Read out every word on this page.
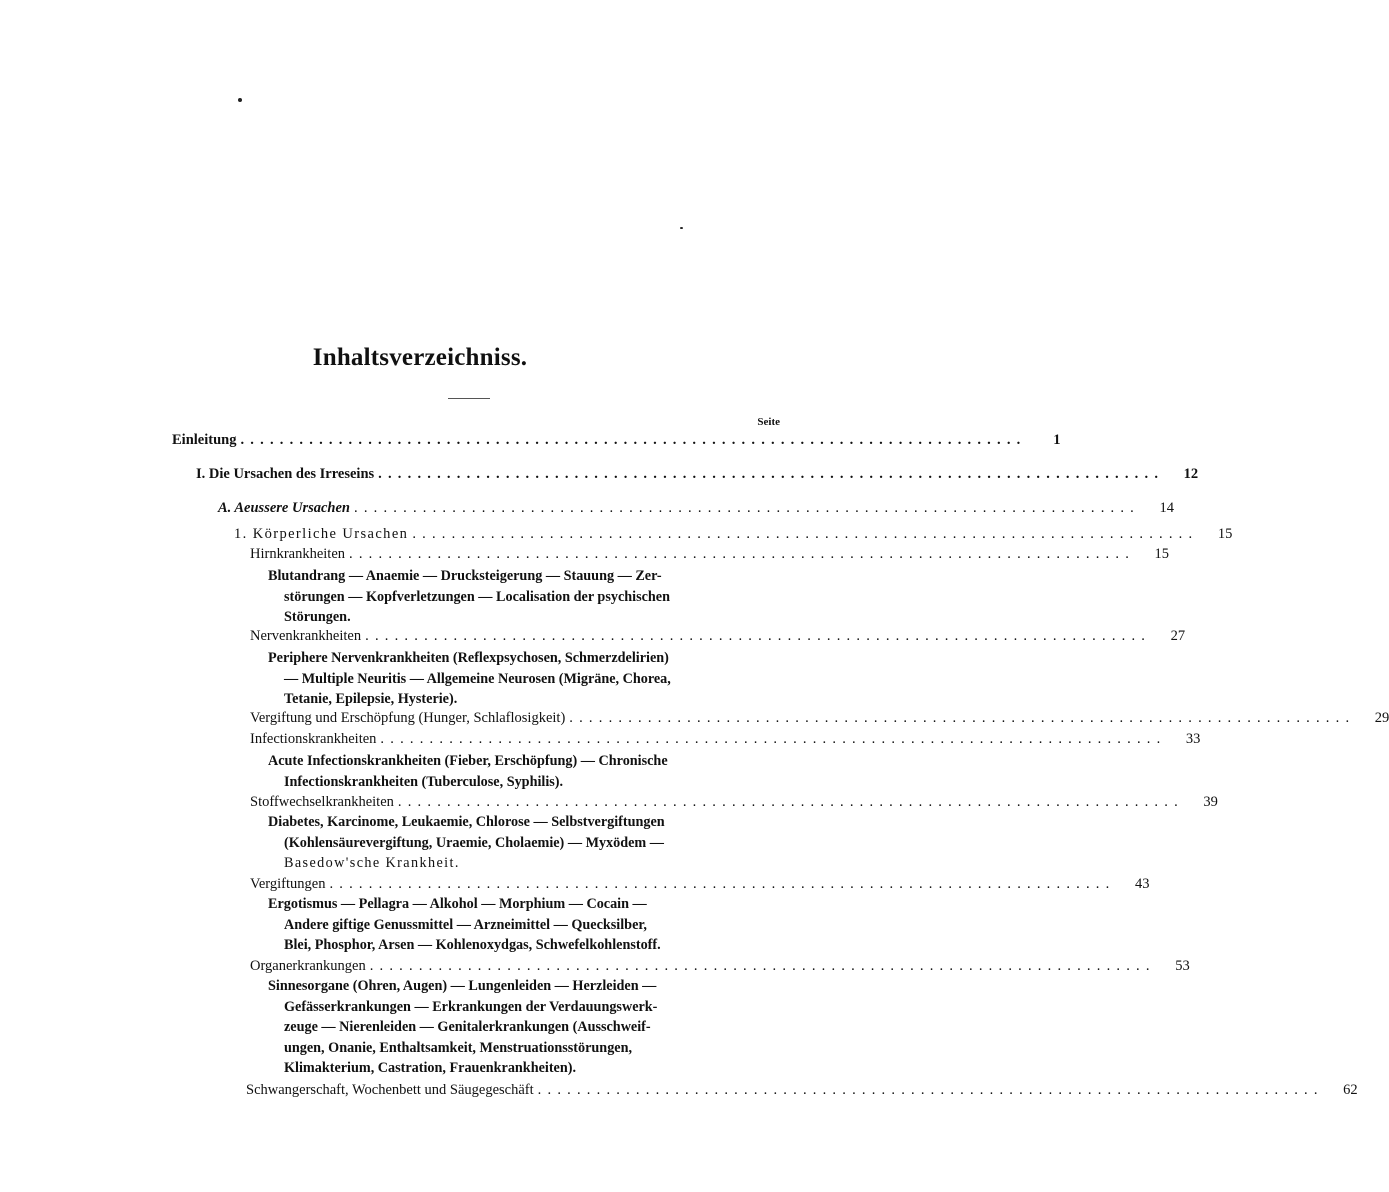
Inhaltsverzeichniss.
Seite
Einleitung ................................................................................	1
I. Die Ursachen des Irreseins ................................................................................	12
A. Aeussere Ursachen ................................................................................	14
1. Körperliche Ursachen ................................................................................	15
Hirnkrankheiten ................................................................................	15
Blutandrang — Anaemie — Drucksteigerung — Stauung — Zer-
störungen — Kopfverletzungen — Localisation der psychischen
Störungen.
Nervenkrankheiten ................................................................................	27
Periphere Nervenkrankheiten (Reflexpsychosen, Schmerzdelirien)
— Multiple Neuritis — Allgemeine Neurosen (Migräne, Chorea,
Tetanie, Epilepsie, Hysterie).
Vergiftung und Erschöpfung (Hunger, Schlaflosigkeit) ................................................................................	29
Infectionskrankheiten ................................................................................	33
Acute Infectionskrankheiten (Fieber, Erschöpfung) — Chronische
Infectionskrankheiten (Tuberculose, Syphilis).
Stoffwechselkrankheiten ................................................................................	39
Diabetes, Karcinome, Leukaemie, Chlorose — Selbstvergiftungen
(Kohlensäurevergiftung, Uraemie, Cholaemie) — Myxödem —
Basedow'sche Krankheit.
Vergiftungen ................................................................................	43
Ergotismus — Pellagra — Alkohol — Morphium — Cocain —
Andere giftige Genussmittel — Arzneimittel — Quecksilber,
Blei, Phosphor, Arsen — Kohlenoxydgas, Schwefelkohlenstoff.
Organerkrankungen ................................................................................	53
Sinnesorgane (Ohren, Augen) — Lungenleiden — Herzleiden —
Gefässerkrankungen — Erkrankungen der Verdauungswerk-
zeuge — Nierenleiden — Genitalerkrankungen (Ausschweif-
ungen, Onanie, Enthaltsamkeit, Menstruationsstörungen,
Klimakterium, Castration, Frauenkrankheiten).
Schwangerschaft, Wochenbett und Säugegeschäft ................................................................................	62
